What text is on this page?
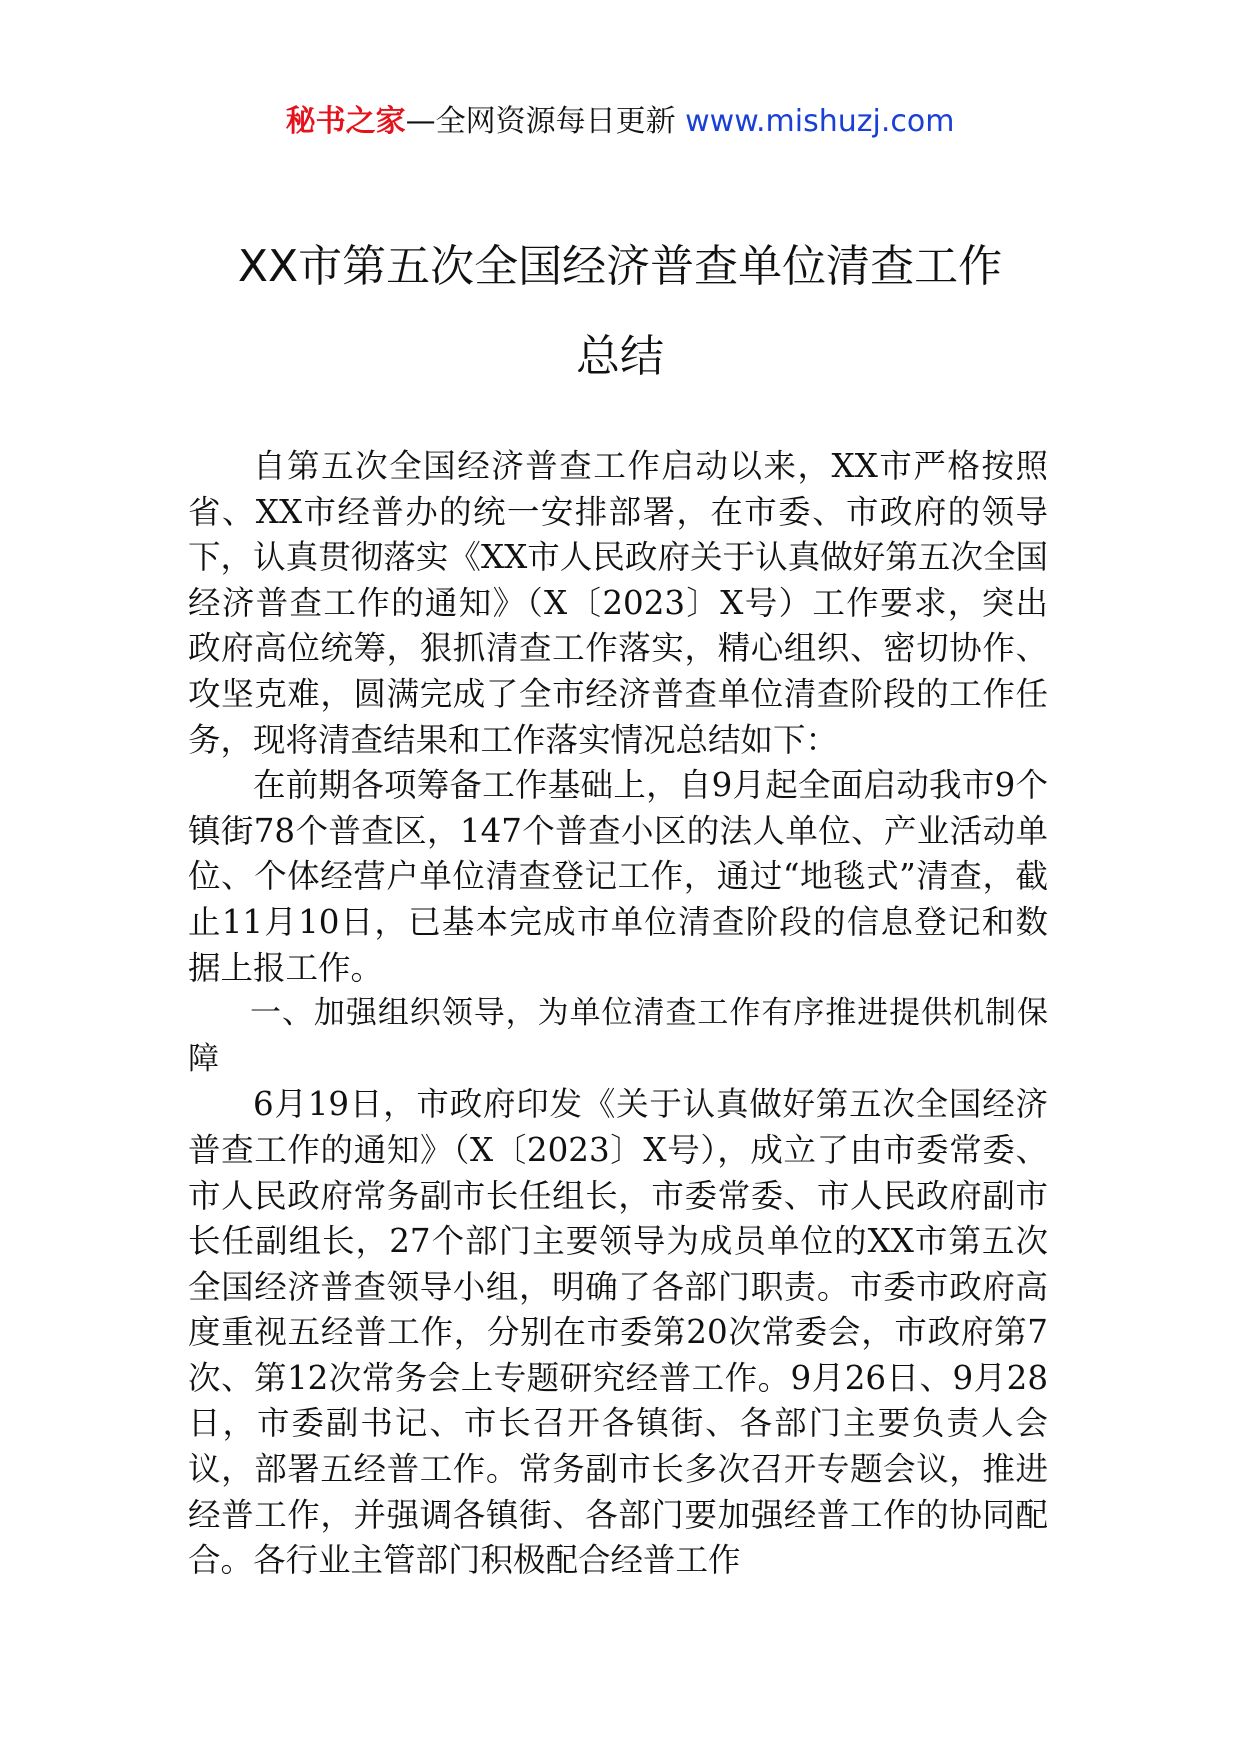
秘书之家—全网资源每日更新 www.mishuzj.com
XX市第五次全国经济普查单位清查工作
总结

自第五次全国经济普查工作启动以来，XX市严格按照省、XX市经普办的统一安排部署，在市委、市政府的领导下，认真贯彻落实《XX市人民政府关于认真做好第五次全国经济普查工作的通知》（X〔2023〕X号）工作要求，突出政府高位统筹，狠抓清查工作落实，精心组织、密切协作、攻坚克难，圆满完成了全市经济普查单位清查阶段的工作任务，现将清查结果和工作落实情况总结如下：

在前期各项筹备工作基础上，自9月起全面启动我市9个镇街78个普查区，147个普查小区的法人单位、产业活动单位、个体经营户单位清查登记工作，通过“地毯式”清查，截止11月10日，已基本完成市单位清查阶段的信息登记和数据上报工作。

一、加强组织领导，为单位清查工作有序推进提供机制保障

6月19日，市政府印发《关于认真做好第五次全国经济普查工作的通知》（X〔2023〕X号），成立了由市委常委、市人民政府常务副市长任组长，市委常委、市人民政府副市长任副组长，27个部门主要领导为成员单位的XX市第五次全国经济普查领导小组，明确了各部门职责。市委市政府高度重视五经普工作，分别在市委第20次常委会，市政府第7次、第12次常务会上专题研究经普工作。9月26日、9月28日，市委副书记、市长召开各镇街、各部门主要负责人会议，部署五经普工作。常务副市长多次召开专题会议，推进经普工作，并强调各镇街、各部门要加强经普工作的协同配合。各行业主管部门积极配合经普工作
